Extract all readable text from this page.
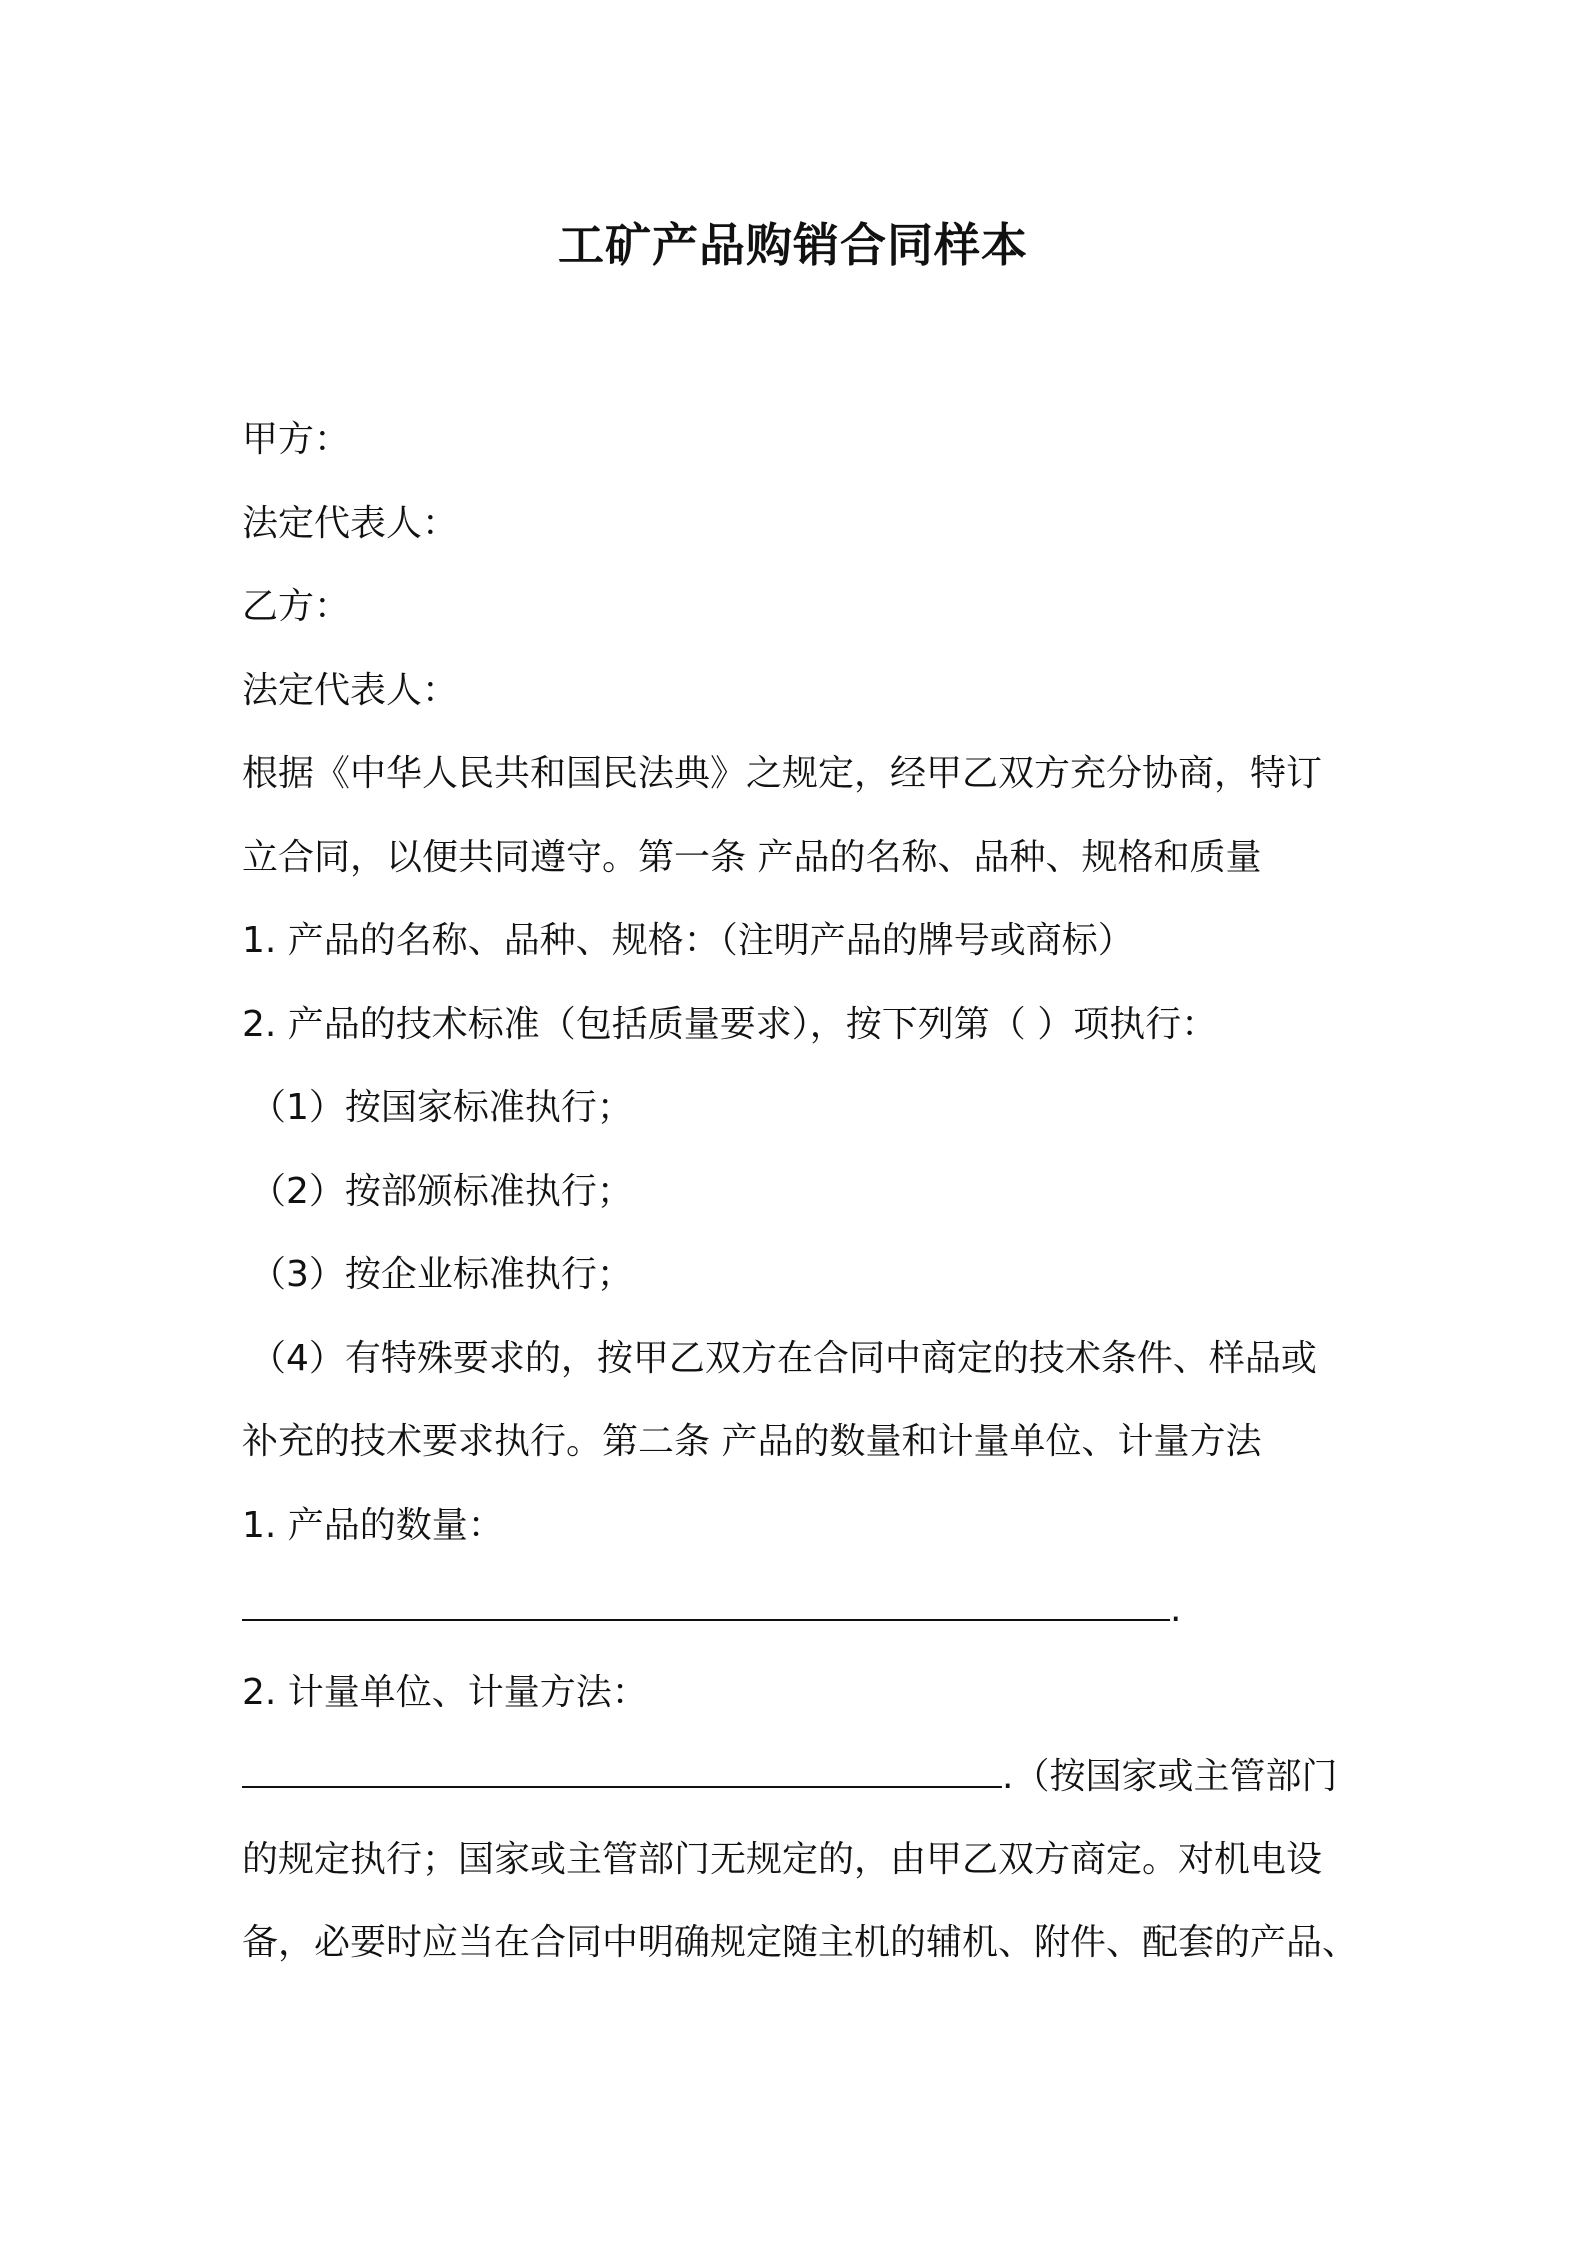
工矿产品购销合同样本
甲方：
法定代表人：
乙方：
法定代表人：
根据《中华人民共和国民法典》之规定，经甲乙双方充分协商，特订
立合同，以便共同遵守。第一条 产品的名称、品种、规格和质量
1. 产品的名称、品种、规格：（注明产品的牌号或商标）
2. 产品的技术标准（包括质量要求），按下列第（ ）项执行：
（1）按国家标准执行；
（2）按部颁标准执行；
（3）按企业标准执行；
（4）有特殊要求的，按甲乙双方在合同中商定的技术条件、样品或
补充的技术要求执行。第二条 产品的数量和计量单位、计量方法
1. 产品的数量：
.
2. 计量单位、计量方法：
.（按国家或主管部门
的规定执行；国家或主管部门无规定的，由甲乙双方商定。对机电设
备，必要时应当在合同中明确规定随主机的辅机、附件、配套的产品、
